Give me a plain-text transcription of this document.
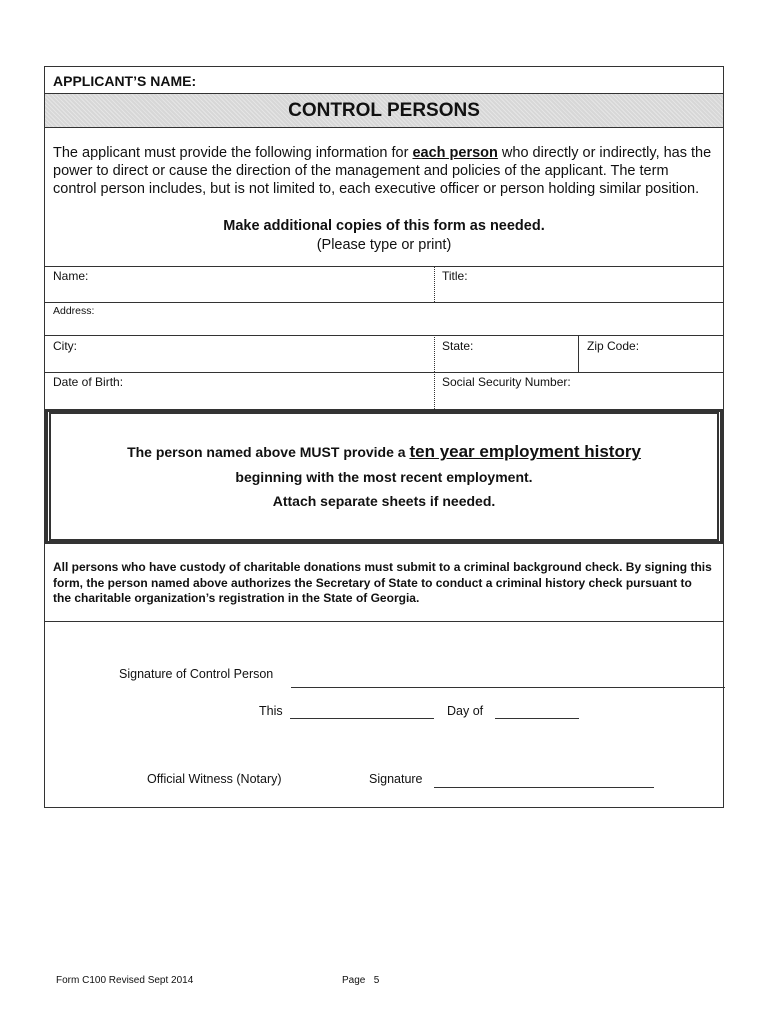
APPLICANT’S NAME:
CONTROL PERSONS
The applicant must provide the following information for each person who directly or indirectly, has the power to direct or cause the direction of the management and policies of the applicant. The term control person includes, but is not limited to, each executive officer or person holding similar position.
Make additional copies of this form as needed.
(Please type or print)
Name:	Title:
Address:
City:	State:	Zip Code:
Date of Birth:	Social Security Number:
The person named above MUST provide a ten year employment history
beginning with the most recent employment.
Attach separate sheets if needed.
All persons who have custody of charitable donations must submit to a criminal background check. By signing this form, the person named above authorizes the Secretary of State to conduct a criminal history check pursuant to the charitable organization’s registration in the State of Georgia.
Signature of Control Person
This	Day of
Official Witness (Notary)	Signature
Form C100 Revised Sept 2014	Page   5
